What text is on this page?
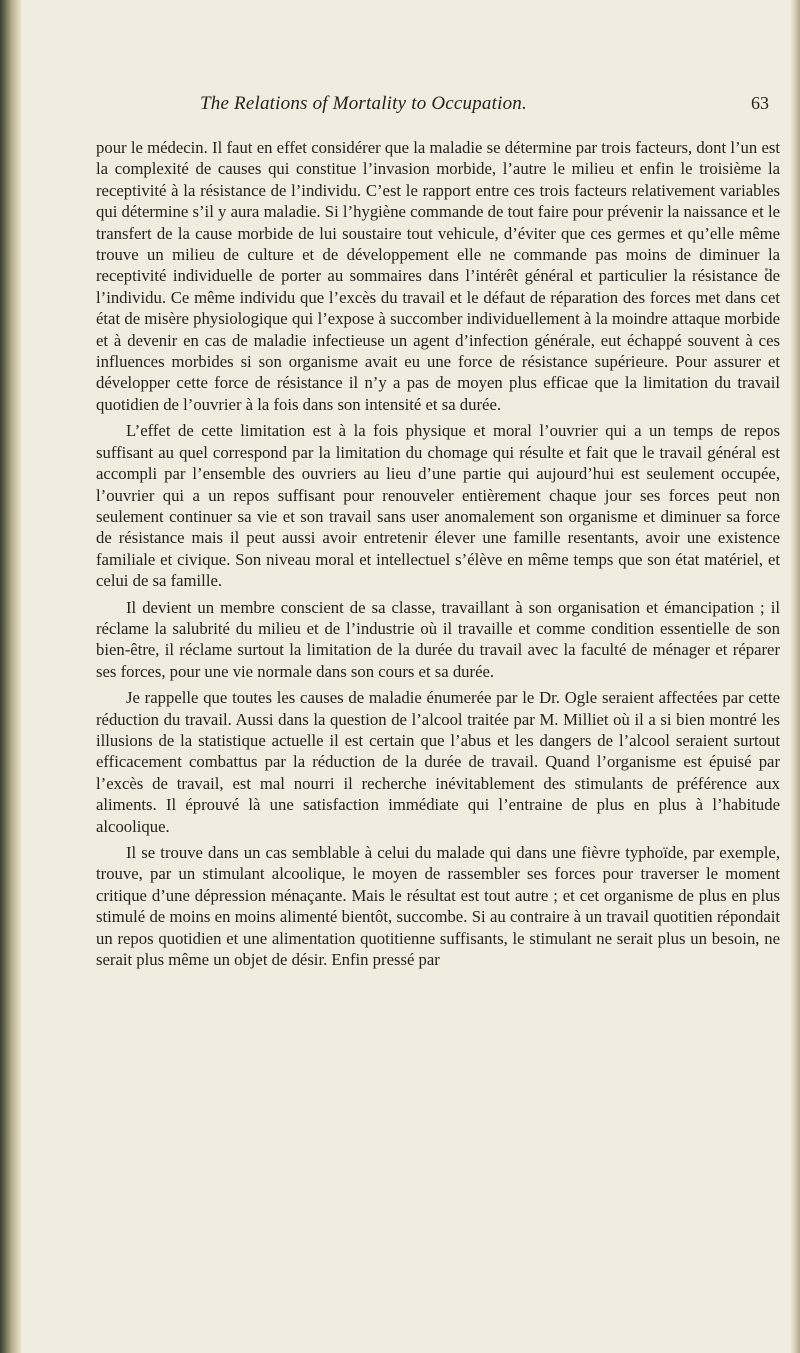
The Relations of Mortality to Occupation.	63

pour le médecin. Il faut en effet considérer que la maladie se détermine par trois facteurs, dont l’un est la complexité de causes qui constitue l’invasion morbide, l’autre le milieu et enfin le troisième la receptivité à la résistance de l’individu. C’est le rapport entre ces trois facteurs relativement variables qui détermine s’il y aura maladie. Si l’hygiène commande de tout faire pour prévenir la naissance et le transfert de la cause morbide de lui soustaire tout vehicule, d’éviter que ces germes et qu’elle même trouve un milieu de culture et de développement elle ne commande pas moins de diminuer la receptivité individuelle de porter au sommaires dans l’intérêt général et particulier la résistance de l’individu. Ce même individu que l’excès du travail et le défaut de réparation des forces met dans cet état de misère physiologique qui l’expose à succomber individuellement à la moindre attaque morbide et à devenir en cas de maladie infectieuse un agent d’infection générale, eut échappé souvent à ces influences morbides si son organisme avait eu une force de résistance supérieure. Pour assurer et développer cette force de résistance il n’y a pas de moyen plus efficae que la limitation du travail quotidien de l’ouvrier à la fois dans son intensité et sa durée.

L’effet de cette limitation est à la fois physique et moral l’ouvrier qui a un temps de repos suffisant au quel correspond par la limitation du chomage qui résulte et fait que le travail général est accompli par l’ensemble des ouvriers au lieu d’une partie qui aujourd’hui est seulement occupée, l’ouvrier qui a un repos suffisant pour renouveler entièrement chaque jour ses forces peut non seulement continuer sa vie et son travail sans user anomalement son organisme et diminuer sa force de résistance mais il peut aussi avoir entretenir élever une famille resentants, avoir une existence familiale et civique. Son niveau moral et intellectuel s’élève en même temps que son état matériel, et celui de sa famille.

Il devient un membre conscient de sa classe, travaillant à son organisation et émancipation ; il réclame la salubrité du milieu et de l’industrie où il travaille et comme condition essentielle de son bien-être, il réclame surtout la limitation de la durée du travail avec la faculté de ménager et réparer ses forces, pour une vie normale dans son cours et sa durée.

Je rappelle que toutes les causes de maladie énumerée par le Dr. Ogle seraient affectées par cette réduction du travail. Aussi dans la question de l’alcool traitée par M. Milliet où il a si bien montré les illusions de la statistique actuelle il est certain que l’abus et les dangers de l’alcool seraient surtout efficacement combattus par la réduction de la durée de travail. Quand l’organisme est épuisé par l’excès de travail, est mal nourri il recherche inévitablement des stimulants de préférence aux aliments. Il éprouvé là une satisfaction immédiate qui l’entraine de plus en plus à l’habitude alcoolique.

Il se trouve dans un cas semblable à celui du malade qui dans une fièvre typhoïde, par exemple, trouve, par un stimulant alcoolique, le moyen de rassembler ses forces pour traverser le moment critique d’une dépression ménaçante. Mais le résultat est tout autre ; et cet organisme de plus en plus stimulé de moins en moins alimenté bientôt, succombe. Si au contraire à un travail quotitien répondait un repos quotidien et une alimentation quotitienne suffisants, le stimulant ne serait plus un besoin, ne serait plus même un objet de désir. Enfin pressé par
